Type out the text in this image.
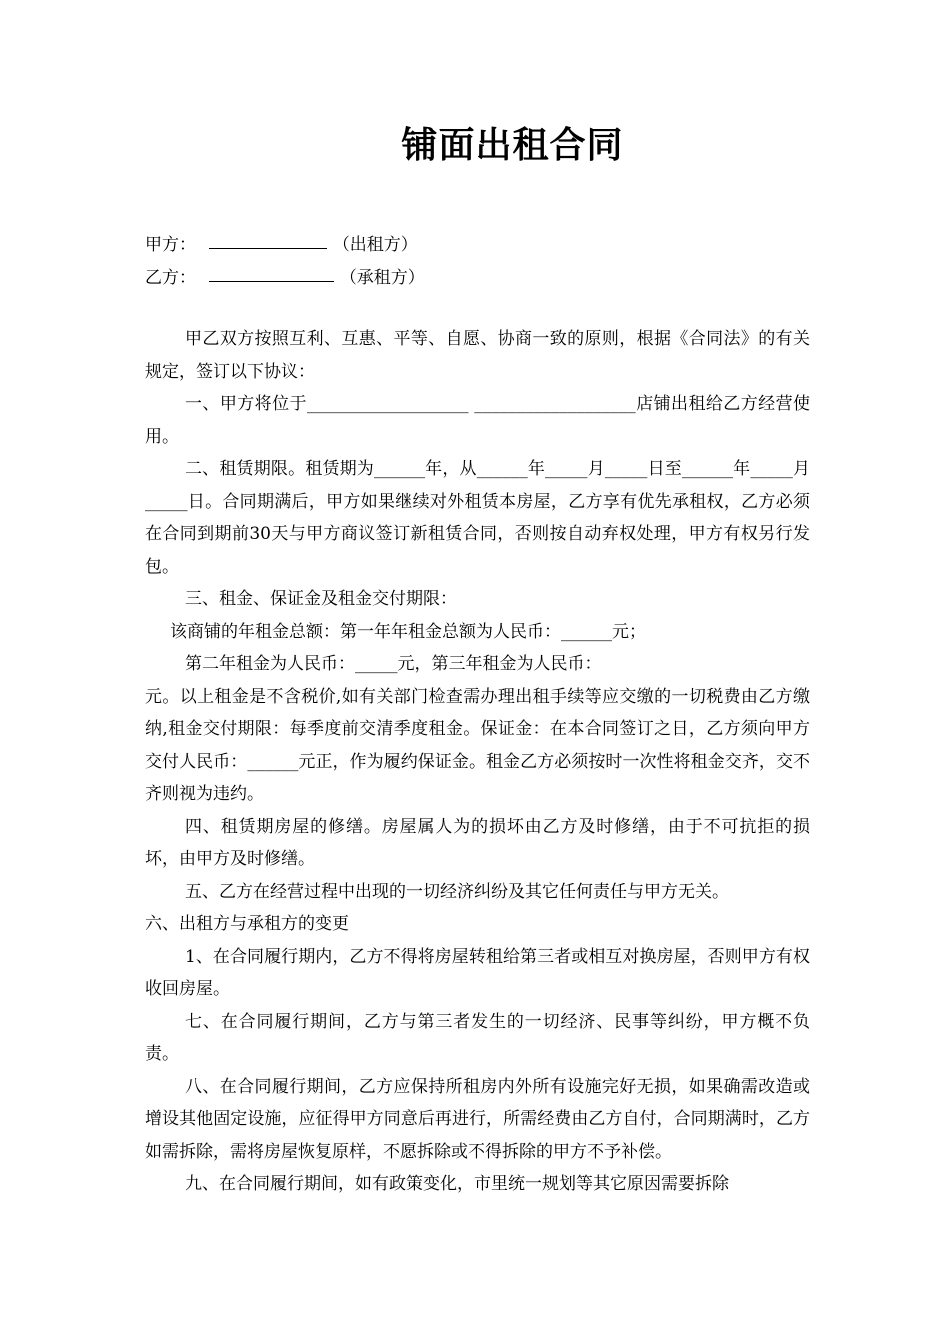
铺面出租合同
甲方：	（出租方）
乙方：	（承租方）

甲乙双方按照互利、互惠、平等、自愿、协商一致的原则，根据《合同法》的有关规定，签订以下协议：

一、甲方将位于___________________ ___________________店铺出租给乙方经营使用。

二、租赁期限。租赁期为______年，从______年_____月_____日至______年_____月_____日。合同期满后，甲方如果继续对外租赁本房屋，乙方享有优先承租权，乙方必须在合同到期前30天与甲方商议签订新租赁合同，否则按自动弃权处理，甲方有权另行发包。

三、租金、保证金及租金交付期限：

该商铺的年租金总额：第一年年租金总额为人民币：______元；

第二年租金为人民币：_____元，第三年租金为人民币：

元。以上租金是不含税价,如有关部门检查需办理出租手续等应交缴的一切税费由乙方缴纳,租金交付期限：每季度前交清季度租金。保证金：在本合同签订之日，乙方须向甲方交付人民币：______元正，作为履约保证金。租金乙方必须按时一次性将租金交齐，交不齐则视为违约。

四、租赁期房屋的修缮。房屋属人为的损坏由乙方及时修缮，由于不可抗拒的损坏，由甲方及时修缮。

五、乙方在经营过程中出现的一切经济纠纷及其它任何责任与甲方无关。

六、出租方与承租方的变更

1、在合同履行期内，乙方不得将房屋转租给第三者或相互对换房屋，否则甲方有权收回房屋。

七、在合同履行期间，乙方与第三者发生的一切经济、民事等纠纷，甲方概不负责。

八、在合同履行期间，乙方应保持所租房内外所有设施完好无损，如果确需改造或增设其他固定设施，应征得甲方同意后再进行，所需经费由乙方自付，合同期满时，乙方如需拆除，需将房屋恢复原样，不愿拆除或不得拆除的甲方不予补偿。

九、在合同履行期间，如有政策变化，市里统一规划等其它原因需要拆除
